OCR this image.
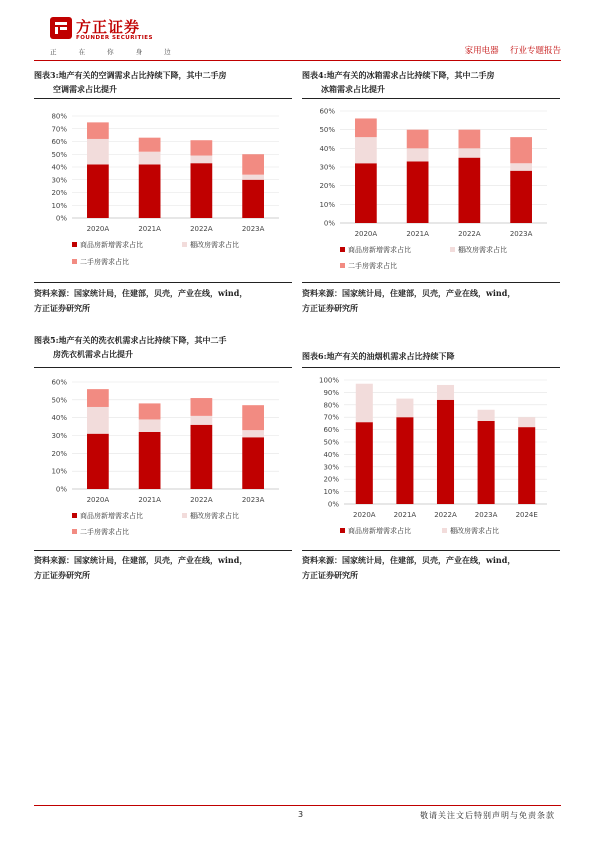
方正证券
FOUNDER SECURITIES
正 在 你 身 边	家用电器 行业专题报告
图表3:地产有关的空调需求占比持续下降，其中二手房
空调需求占比提升
0%
10%
20%
30%
40%
50%
60%
70%
80%
2020A	2021A	2022A	2023A
商品房新增需求占比	棚改房需求占比
二手房需求占比
资料来源：国家统计局，住建部，贝壳，产业在线，wind，
方正证券研究所
图表4:地产有关的冰箱需求占比持续下降，其中二手房
冰箱需求占比提升
0%
10%
20%
30%
40%
50%
60%
2020A	2021A	2022A	2023A
商品房新增需求占比	棚改房需求占比
二手房需求占比
资料来源：国家统计局，住建部，贝壳，产业在线，wind，
方正证券研究所
图表5:地产有关的洗衣机需求占比持续下降，其中二手
房洗衣机需求占比提升
0%
10%
20%
30%
40%
50%
60%
2020A	2021A	2022A	2023A
商品房新增需求占比	棚改房需求占比
二手房需求占比
资料来源：国家统计局，住建部，贝壳，产业在线，wind，
方正证券研究所
图表6:地产有关的油烟机需求占比持续下降
0%
10%
20%
30%
40%
50%
60%
70%
80%
90%
100%
2020A	2021A	2022A	2023A	2024E
商品房新增需求占比	棚改房需求占比
资料来源：国家统计局，住建部，贝壳，产业在线，wind，
方正证券研究所
3	敬请关注文后特别声明与免责条款
